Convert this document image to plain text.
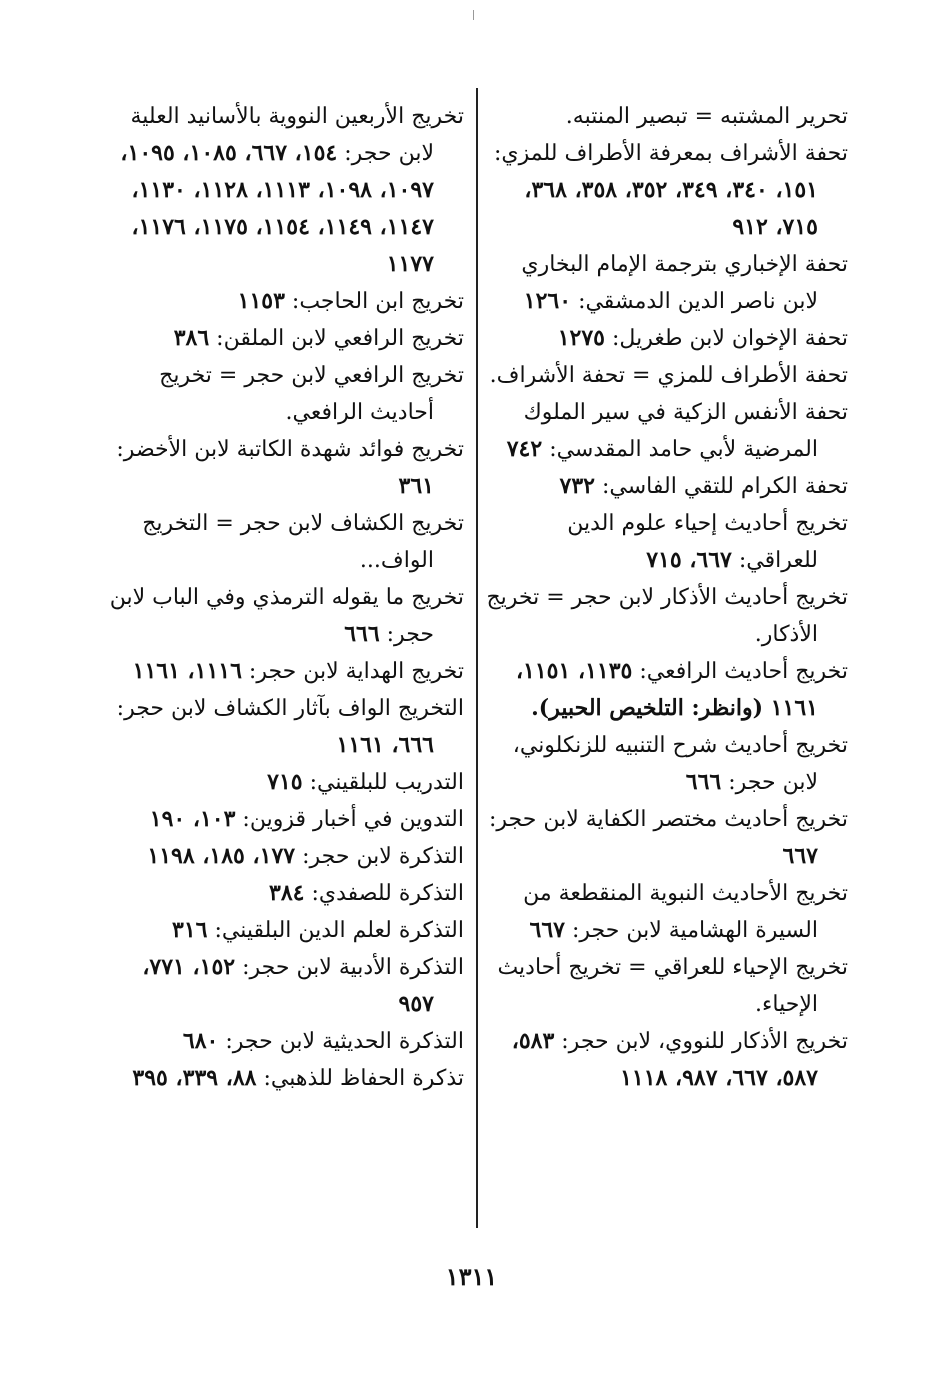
تحرير المشتبه = تبصير المنتبه.

تحفة الأشراف بمعرفة الأطراف للمزي: ١٥١، ٣٤٠، ٣٤٩، ٣٥٢، ٣٥٨، ٣٦٨، ٧١٥، ٩١٢

تحفة الإخباري بترجمة الإمام البخاري لابن ناصر الدين الدمشقي: ١٢٦٠

تحفة الإخوان لابن طغريل: ١٢٧٥

تحفة الأطراف للمزي = تحفة الأشراف.

تحفة الأنفس الزكية في سير الملوك المرضية لأبي حامد المقدسي: ٧٤٢

تحفة الكرام للتقي الفاسي: ٧٣٢

تخريج أحاديث إحياء علوم الدين للعراقي: ٦٦٧، ٧١٥

تخريج أحاديث الأذكار لابن حجر = تخريج الأذكار.

تخريج أحاديث الرافعي: ١١٣٥، ١١٥١، ١١٦١ (وانظر: التلخيص الحبير).

تخريج أحاديث شرح التنبيه للزنكلوني، لابن حجر: ٦٦٦

تخريج أحاديث مختصر الكفاية لابن حجر: ٦٦٧

تخريج الأحاديث النبوية المنقطعة من السيرة الهشامية لابن حجر: ٦٦٧

تخريج الإحياء للعراقي = تخريج أحاديث الإحياء.

تخريج الأذكار للنووي، لابن حجر: ٥٨٣، ٥٨٧، ٦٦٧، ٩٨٧، ١١١٨

تخريج الأربعين النووية بالأسانيد العلية لابن حجر: ١٥٤، ٦٦٧، ١٠٨٥، ١٠٩٥، ١٠٩٧، ١٠٩٨، ١١١٣، ١١٢٨، ١١٣٠، ١١٤٧، ١١٤٩، ١١٥٤، ١١٧٥، ١١٧٦، ١١٧٧

تخريج ابن الحاجب: ١١٥٣

تخريج الرافعي لابن الملقن: ٣٨٦

تخريج الرافعي لابن حجر = تخريج أحاديث الرافعي.

تخريج فوائد شهدة الكاتبة لابن الأخضر: ٣٦١

تخريج الكشاف لابن حجر = التخريج الواف...

تخريج ما يقوله الترمذي وفي الباب لابن حجر: ٦٦٦

تخريج الهداية لابن حجر: ١١١٦، ١١٦١

التخريج الواف بآثار الكشاف لابن حجر: ٦٦٦، ١١٦١

التدريب للبلقيني: ٧١٥

التدوين في أخبار قزوين: ١٠٣، ١٩٠

التذكرة لابن حجر: ١٧٧، ١٨٥، ١١٩٨

التذكرة للصفدي: ٣٨٤

التذكرة لعلم الدين البلقيني: ٣١٦

التذكرة الأدبية لابن حجر: ١٥٢، ٧٧١، ٩٥٧

التذكرة الحديثية لابن حجر: ٦٨٠

تذكرة الحفاظ للذهبي: ٨٨، ٣٣٩، ٣٩٥

١٣١١
